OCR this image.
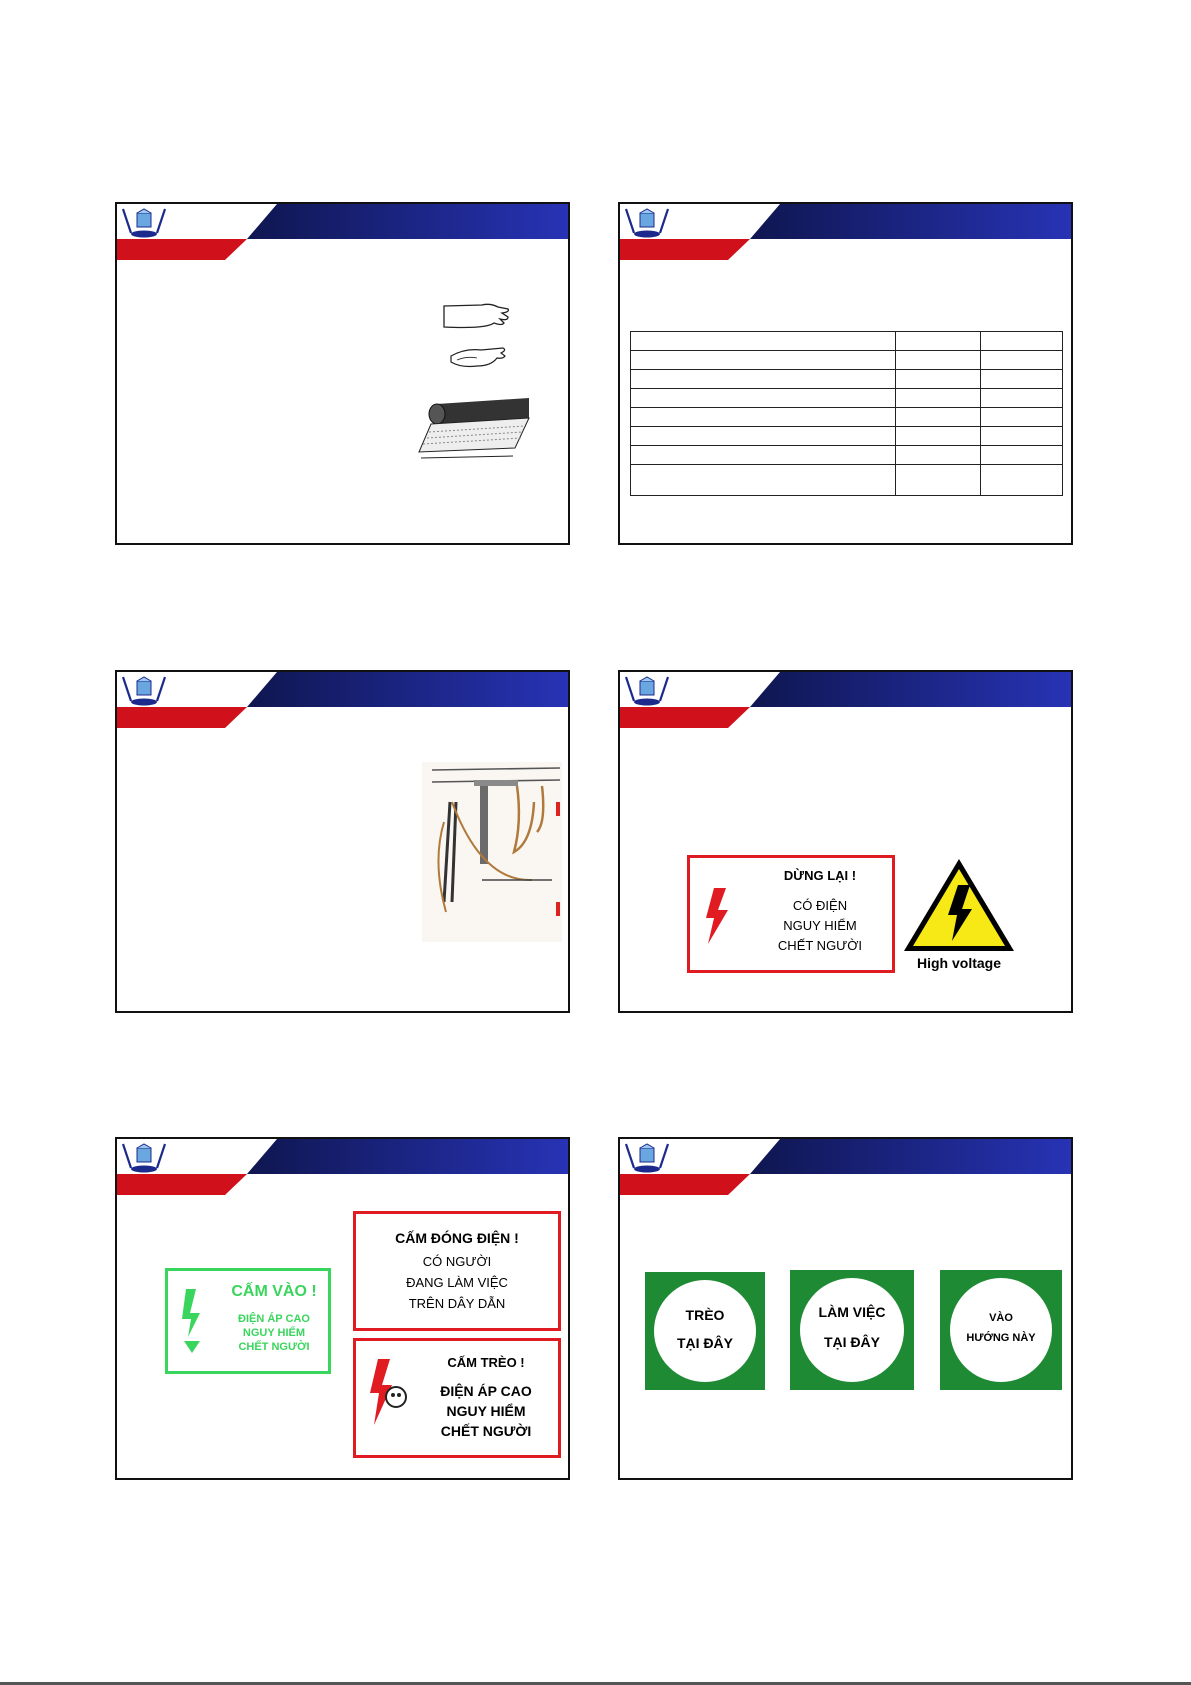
DỪNG LẠI !
CÓ ĐIỆN
NGUY HIỂM
CHẾT NGƯỜI
High voltage
CẤM VÀO !
ĐIỆN ÁP CAO
NGUY HIỂM
CHẾT NGƯỜI
CẤM ĐÓNG ĐIỆN !
CÓ NGƯỜI
ĐANG LÀM VIỆC
TRÊN DÂY DẪN
CẤM TRÈO !
ĐIỆN ÁP CAO
NGUY HIỂM
CHẾT NGƯỜI
TRÈO
TẠI ĐÂY
LÀM VIỆC
TẠI ĐÂY
VÀO
HƯỚNG NÀY
